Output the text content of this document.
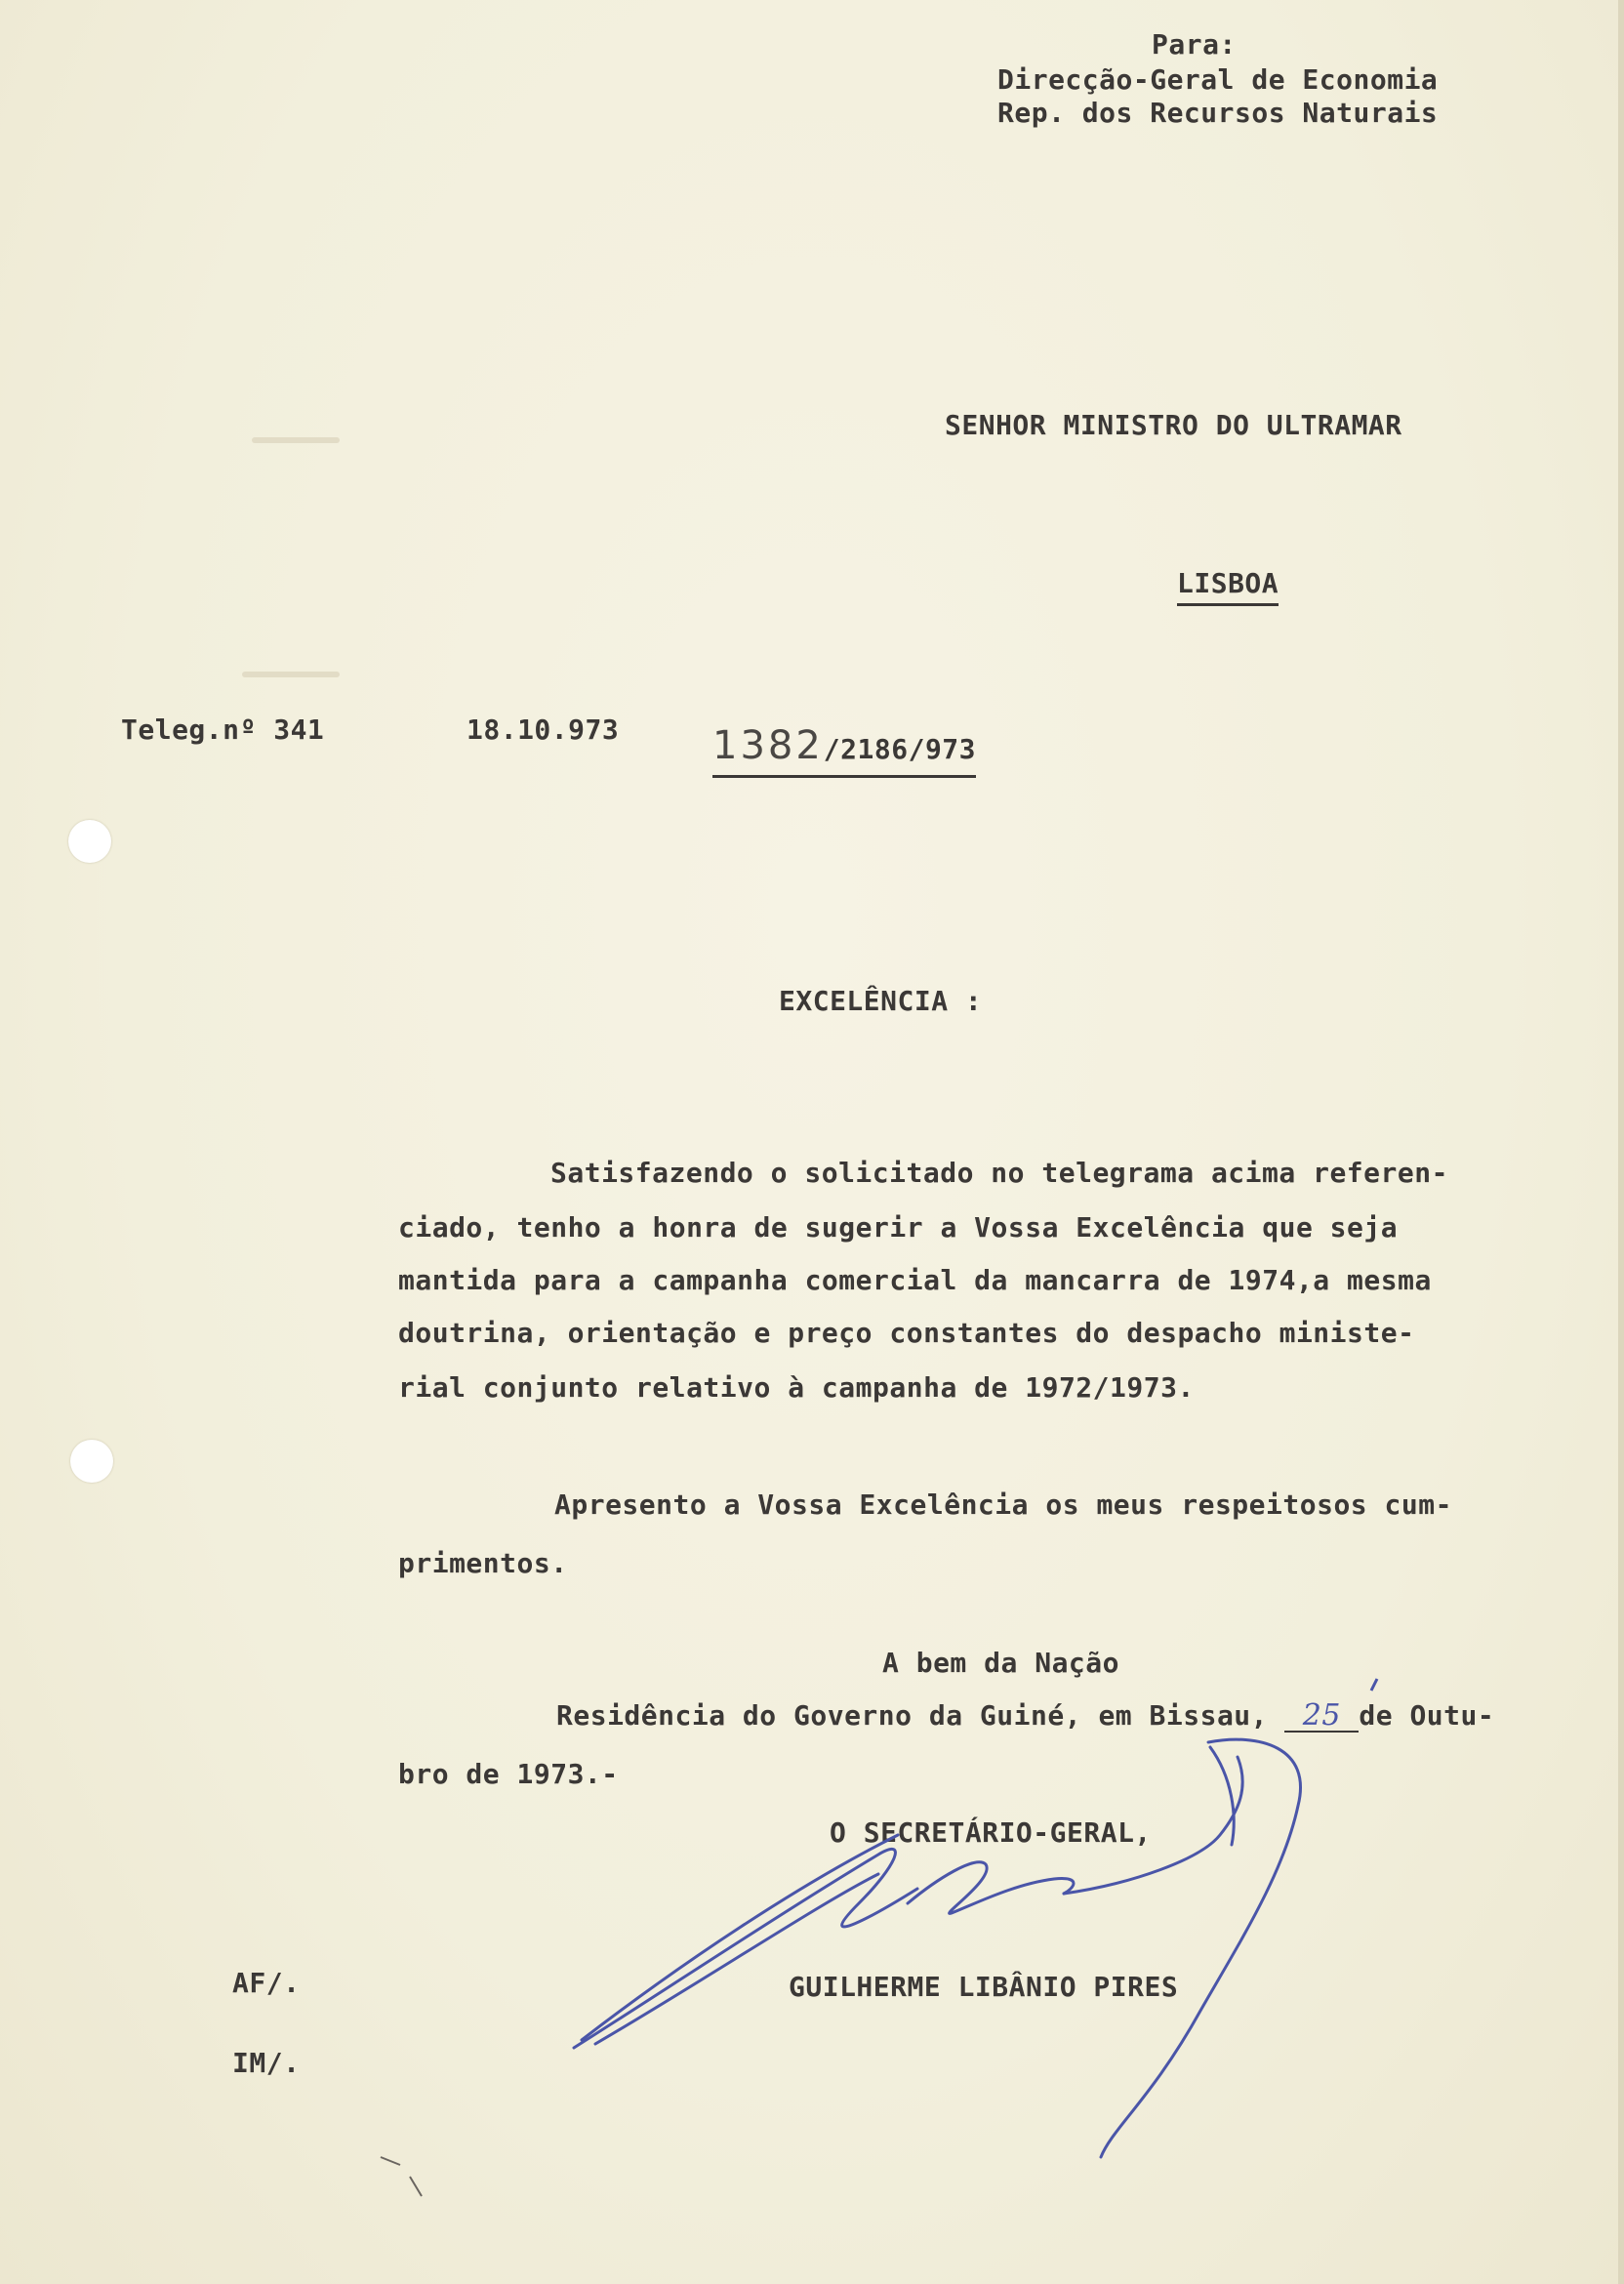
Para:
Direcção-Geral de Economia
Rep. dos Recursos Naturais
SENHOR MINISTRO DO ULTRAMAR
LISBOA
Teleg.nº 341	18.10.973 1382/2186/973
EXCELÊNCIA :
Satisfazendo o solicitado no telegrama acima referen-
ciado, tenho a honra de sugerir a Vossa Excelência que seja
mantida para a campanha comercial da mancarra de 1974,a mesma
doutrina, orientação e preço constantes do despacho ministe-
rial conjunto relativo à campanha de 1972/1973.
Apresento a Vossa Excelência os meus respeitosos cum-
primentos.
A bem da Nação
Residência do Governo da Guiné, em Bissau, 25 de Outu-
bro de 1973.-
O SECRETÁRIO-GERAL,
GUILHERME LIBÂNIO PIRES
AF/.
IM/.
